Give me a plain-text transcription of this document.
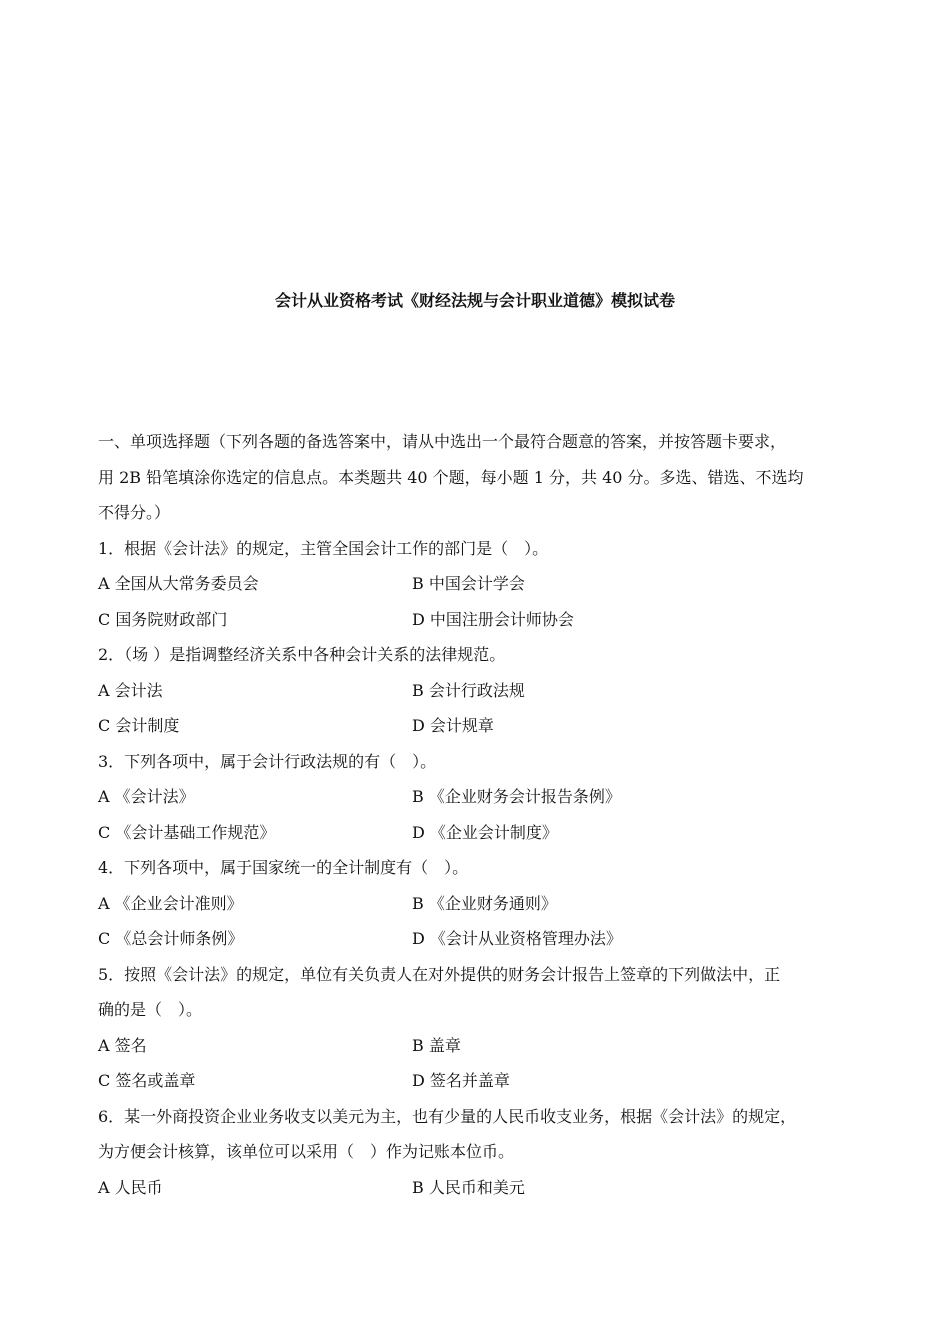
会计从业资格考试《财经法规与会计职业道德》模拟试卷
一、单项选择题（下列各题的备选答案中，请从中选出一个最符合题意的答案，并按答题卡要求，
用 2B 铅笔填涂你选定的信息点。本类题共 40 个题，每小题 1 分，共 40 分。多选、错选、不选均
不得分。）
1．根据《会计法》的规定，主管全国会计工作的部门是（　）。
A 全国从大常务委员会	B 中国会计学会
C 国务院财政部门	D 中国注册会计师协会
2．（场 ）是指调整经济关系中各种会计关系的法律规范。
A 会计法	B 会计行政法规
C 会计制度	D 会计规章
3．下列各项中，属于会计行政法规的有（　）。
A 《会计法》	B 《企业财务会计报告条例》
C 《会计基础工作规范》	D 《企业会计制度》
4．下列各项中，属于国家统一的全计制度有（　）。
A 《企业会计准则》	B 《企业财务通则》
C 《总会计师条例》	D 《会计从业资格管理办法》
5．按照《会计法》的规定，单位有关负责人在对外提供的财务会计报告上签章的下列做法中，正
确的是（　）。
A 签名	B 盖章
C 签名或盖章	D 签名并盖章
6．某一外商投资企业业务收支以美元为主，也有少量的人民币收支业务，根据《会计法》的规定，
为方便会计核算，该单位可以采用（　）作为记账本位币。
A 人民币	B 人民币和美元
